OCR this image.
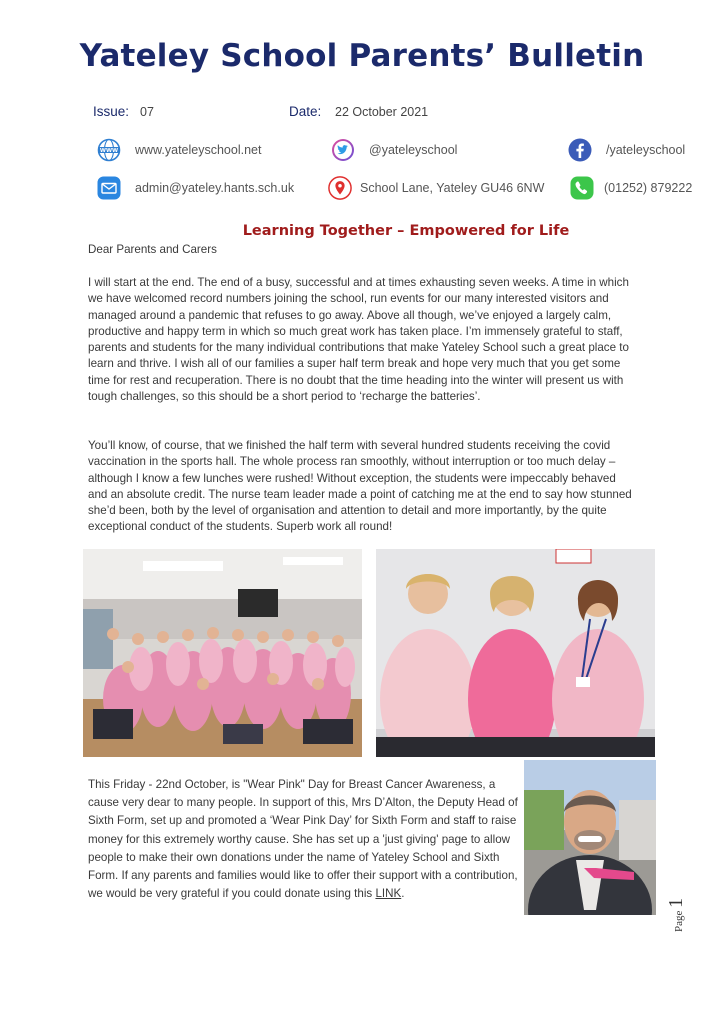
Yateley School Parents’ Bulletin
Issue: 07	Date: 22 October 2021
WWW www.yateleyschool.net	@yateleyschool	/yateleyschool
admin@yateley.hants.sch.uk	School Lane, Yateley GU46 6NW	(01252) 879222
Learning Together – Empowered for Life
Dear Parents and Carers

I will start at the end. The end of a busy, successful and at times exhausting seven weeks. A time in which we have welcomed record numbers joining the school, run events for our many interested visitors and managed around a pandemic that refuses to go away. Above all though, we’ve enjoyed a largely calm, productive and happy term in which so much great work has taken place. I’m immensely grateful to staff, parents and students for the many individual contributions that make Yateley School such a great place to learn and thrive. I wish all of our families a super half term break and hope very much that you get some time for rest and recuperation. There is no doubt that the time heading into the winter will present us with tough challenges, so this should be a short period to ‘recharge the batteries’.

You’ll know, of course, that we finished the half term with several hundred students receiving the covid vaccination in the sports hall. The whole process ran smoothly, without interruption or too much delay – although I know a few lunches were rushed! Without exception, the students were impeccably behaved and an absolute credit. The nurse team leader made a point of catching me at the end to say how stunned she’d been, both by the level of organisation and attention to detail and more importantly, by the quite exceptional conduct of the students. Superb work all round!

This Friday - 22nd October, is "Wear Pink" Day for Breast Cancer Awareness, a cause very dear to many people. In support of this, Mrs D’Alton, the Deputy Head of Sixth Form, set up and promoted a ‘Wear Pink Day’ for Sixth Form and staff to raise money for this extremely worthy cause. She has set up a 'just giving' page to allow people to make their own donations under the name of Yateley School and Sixth Form. If any parents and families would like to offer their support with a contribution, we would be very grateful if you could donate using this LINK.

Page 1
